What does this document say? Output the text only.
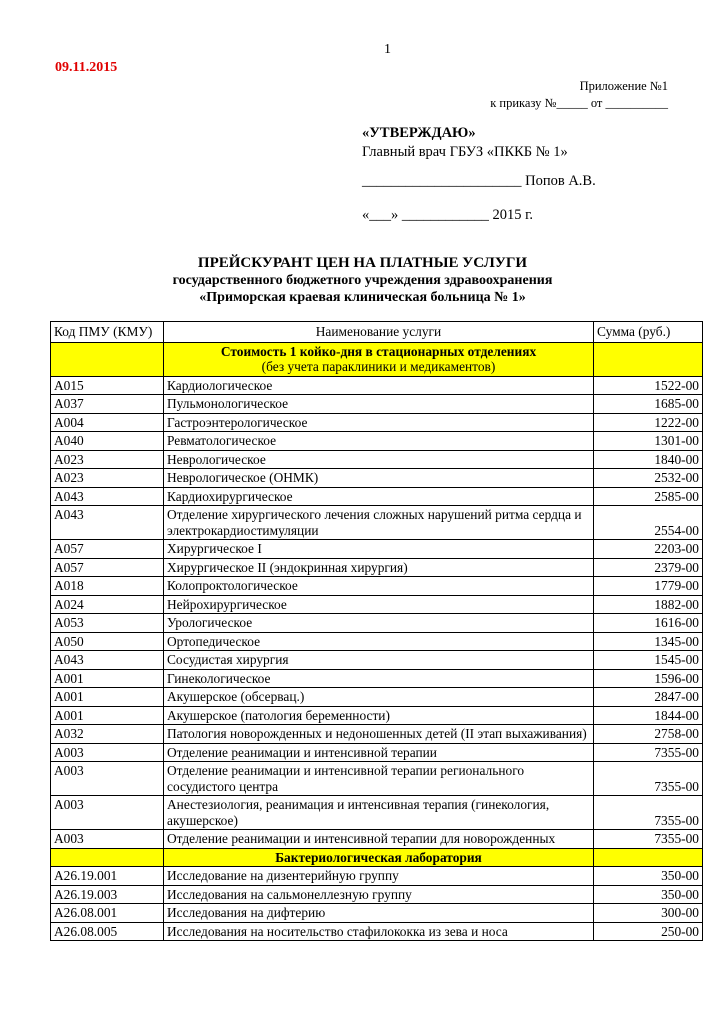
1
09.11.2015
Приложение №1
к приказу №_____ от __________
«УТВЕРЖДАЮ»
Главный врач ГБУЗ «ПККБ № 1»
______________________ Попов А.В.
«___» ____________ 2015 г.
ПРЕЙСКУРАНТ ЦЕН НА ПЛАТНЫЕ УСЛУГИ
государственного бюджетного учреждения здравоохранения
«Приморская краевая клиническая больница № 1»
Код ПМУ (КМУ)	Наименование услуги	Сумма (руб.)

	Стоимость 1 койко-дня в стационарных отделениях
(без учета параклиники и медикаментов)	

А015	Кардиологическое	1522-00
А037	Пульмонологическое	1685-00
А004	Гастроэнтерологическое	1222-00
А040	Ревматологическое	1301-00
А023	Неврологическое	1840-00
А023	Неврологическое (ОНМК)	2532-00
А043	Кардиохирургическое	2585-00
А043	Отделение хирургического лечения сложных нарушений ритма сердца и электрокардиостимуляции	2554-00
А057	Хирургическое I	2203-00
А057	Хирургическое II (эндокринная хирургия)	2379-00
А018	Колопроктологическое	1779-00
А024	Нейрохирургическое	1882-00
А053	Урологическое	1616-00
А050	Ортопедическое	1345-00
А043	Сосудистая хирургия	1545-00
А001	Гинекологическое	1596-00
А001	Акушерское (обсервац.)	2847-00
А001	Акушерское (патология беременности)	1844-00
А032	Патология новорожденных и недоношенных детей (II этап выхаживания)	2758-00
А003	Отделение реанимации и интенсивной терапии	7355-00
А003	Отделение реанимации и интенсивной терапии регионального сосудистого центра	7355-00
А003	Анестезиология, реанимация и интенсивная терапия (гинекология, акушерское)	7355-00
А003	Отделение реанимации и интенсивной терапии для новорожденных	7355-00
	Бактериологическая лаборатория	
А26.19.001	Исследование на дизентерийную группу	350-00
А26.19.003	Исследования на сальмонеллезную группу	350-00
А26.08.001	Исследования на дифтерию	300-00
А26.08.005	Исследования на носительство стафилококка из зева и носа	250-00
